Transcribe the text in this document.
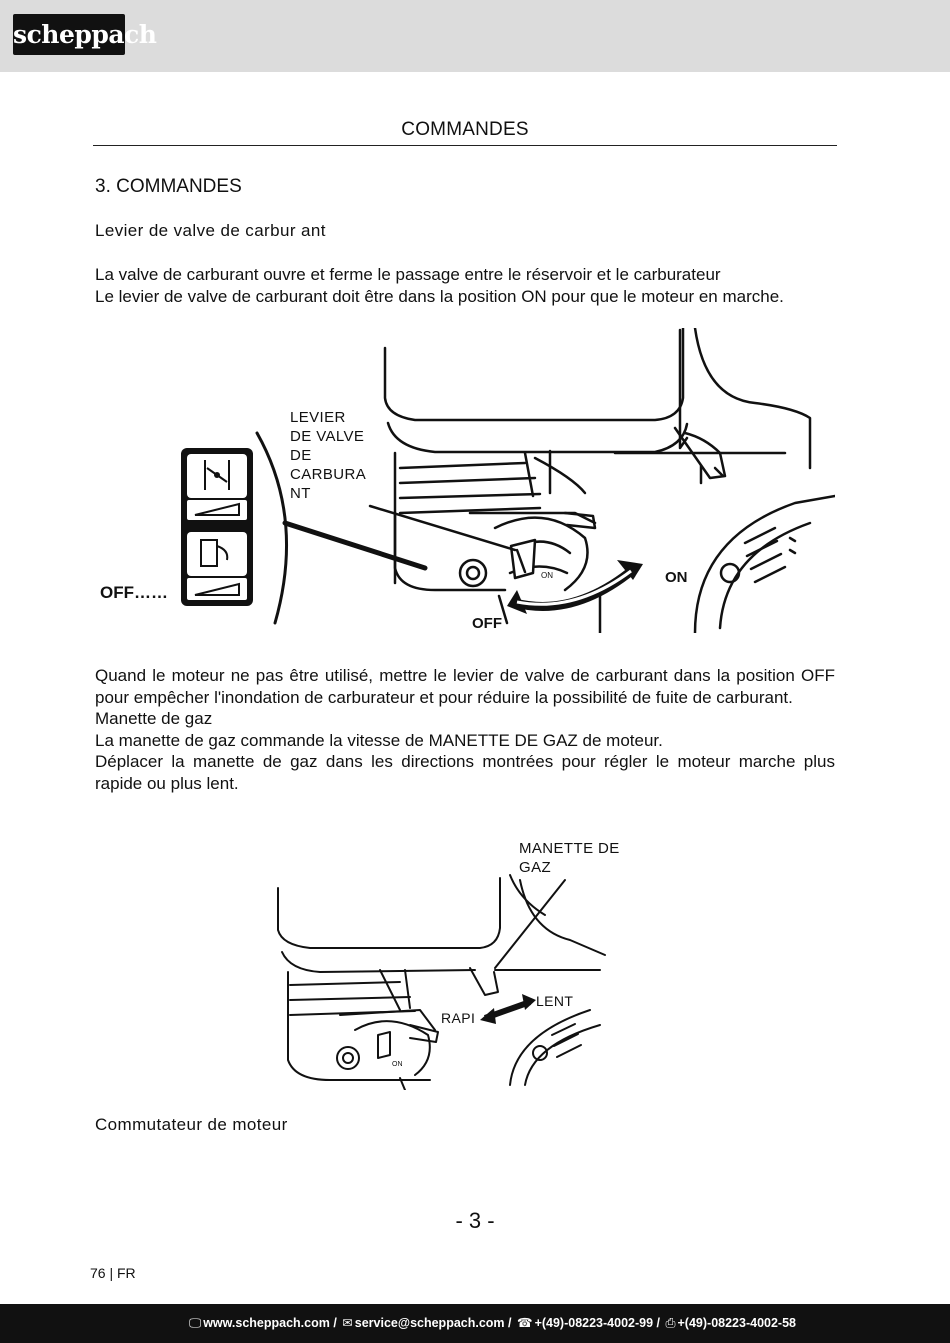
scheppach
COMMANDES
3. COMMANDES
Levier de valve de carbur ant
La valve de carburant ouvre et ferme le passage entre le réservoir et le carburateur
Le levier de valve de carburant doit être dans la position ON pour que le moteur en marche.
OFF……
OFF
ON
ON
LEVIER
DE VALVE
DE
CARBURA
NT
Quand le moteur ne pas être utilisé, mettre le levier de valve de carburant dans la position OFF pour empêcher l'inondation de carburateur et pour réduire la possibilité de fuite de carburant.
Manette de gaz
La manette de gaz commande la vitesse de MANETTE DE GAZ de moteur.
Déplacer la manette de gaz dans les directions montrées pour régler le moteur marche plus rapide ou plus lent.
ON
MANETTE DE
GAZ
LENT
RAPI
Commutateur de moteur
- 3 -
76 | FR
🖵 www.scheppach.com / ✉ service@scheppach.com / ☎ +(49)-08223-4002-99 / ⎙ +(49)-08223-4002-58
